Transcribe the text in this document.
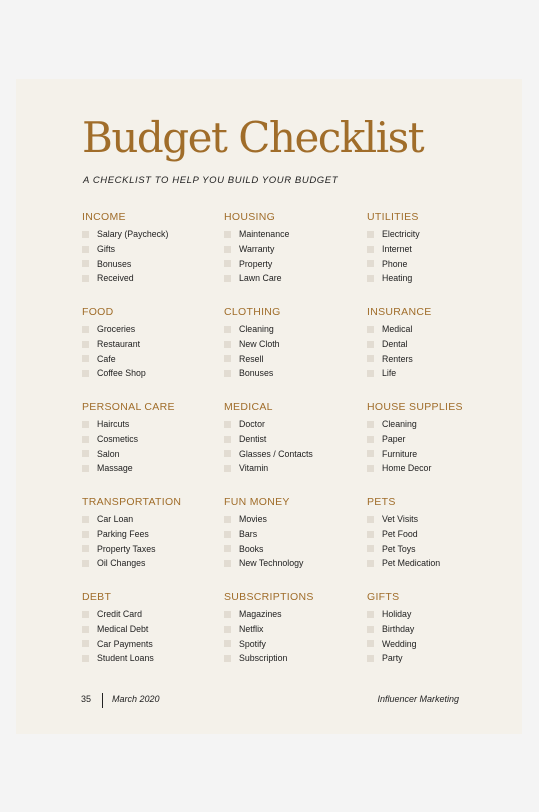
Budget Checklist
A CHECKLIST TO HELP YOU BUILD YOUR BUDGET
INCOME
Salary (Paycheck)
Gifts
Bonuses
Received
HOUSING
Maintenance
Warranty
Property
Lawn Care
UTILITIES
Electricity
Internet
Phone
Heating
FOOD
Groceries
Restaurant
Cafe
Coffee Shop
CLOTHING
Cleaning
New Cloth
Resell
Bonuses
INSURANCE
Medical
Dental
Renters
Life
PERSONAL CARE
Haircuts
Cosmetics
Salon
Massage
MEDICAL
Doctor
Dentist
Glasses / Contacts
Vitamin
HOUSE SUPPLIES
Cleaning
Paper
Furniture
Home Decor
TRANSPORTATION
Car Loan
Parking Fees
Property Taxes
Oil Changes
FUN MONEY
Movies
Bars
Books
New Technology
PETS
Vet Visits
Pet Food
Pet Toys
Pet Medication
DEBT
Credit Card
Medical Debt
Car Payments
Student Loans
SUBSCRIPTIONS
Magazines
Netflix
Spotify
Subscription
GIFTS
Holiday
Birthday
Wedding
Party
35 March 2020	Influencer Marketing
